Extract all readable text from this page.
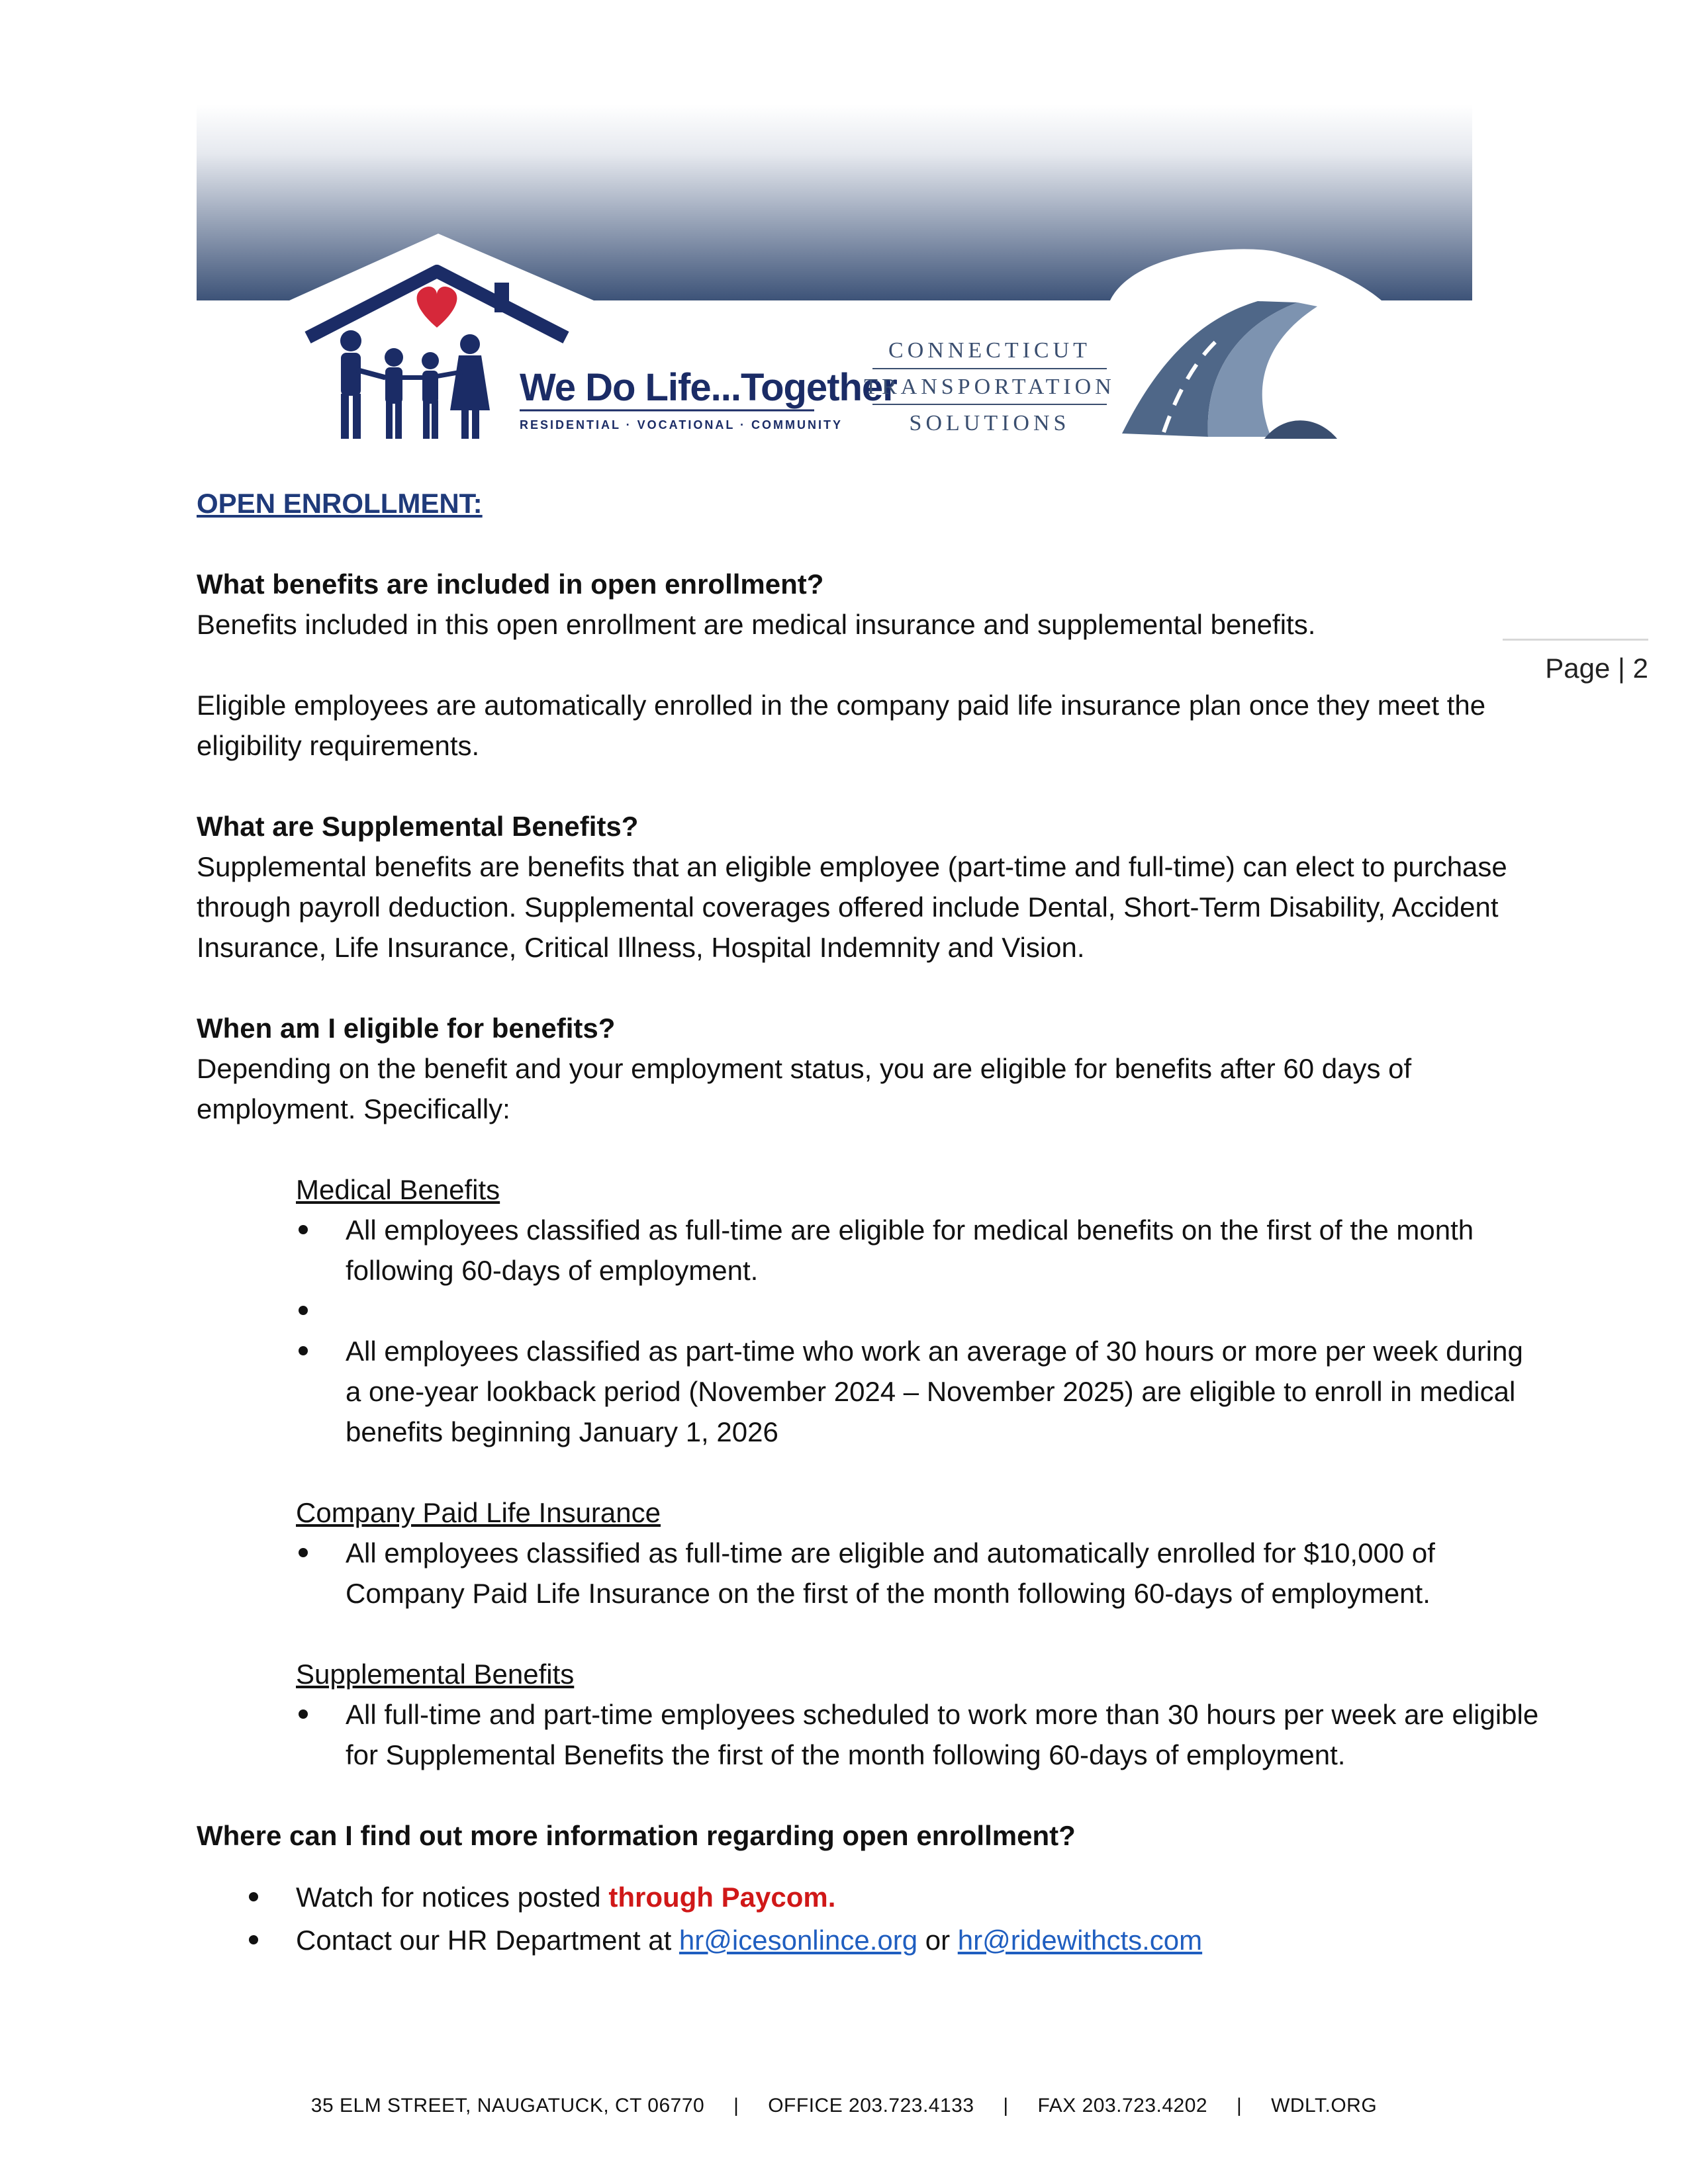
We Do Life...Together
RESIDENTIAL · VOCATIONAL · COMMUNITY
CONNECTICUT
TRANSPORTATION
SOLUTIONS
Page | 2

OPEN ENROLLMENT:

What benefits are included in open enrollment?

Benefits included in this open enrollment are medical insurance and supplemental benefits.

Eligible employees are automatically enrolled in the company paid life insurance plan once they meet the eligibility requirements.

What are Supplemental Benefits?

Supplemental benefits are benefits that an eligible employee (part-time and full-time) can elect to purchase through payroll deduction. Supplemental coverages offered include Dental, Short-Term Disability, Accident Insurance, Life Insurance, Critical Illness, Hospital Indemnity and Vision.

When am I eligible for benefits?

Depending on the benefit and your employment status, you are eligible for benefits after 60 days of employment. Specifically:

Medical Benefits

All employees classified as full-time are eligible for medical benefits on the first of the month following 60-days of employment.
All employees classified as part-time who work an average of 30 hours or more per week during a one-year lookback period (November 2024 – November 2025) are eligible to enroll in medical benefits beginning January 1, 2026

Company Paid Life Insurance

All employees classified as full-time are eligible and automatically enrolled for $10,000 of Company Paid Life Insurance on the first of the month following 60-days of employment.

Supplemental Benefits

All full-time and part-time employees scheduled to work more than 30 hours per week are eligible for Supplemental Benefits the first of the month following 60-days of employment.
Where can I find out more information regarding open enrollment?
Watch for notices posted through Paycom.
Contact our HR Department at hr@icesonlince.org or hr@ridewithcts.com
35 ELM STREET, NAUGATUCK, CT 06770 | OFFICE 203.723.4133 | FAX 203.723.4202 | WDLT.ORG
